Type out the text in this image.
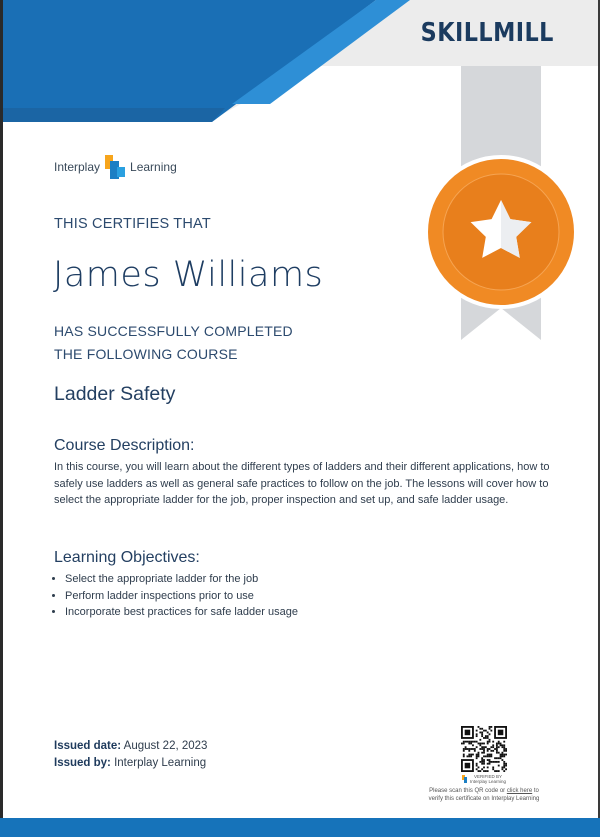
SKILLMILL
Interplay	Learning
THIS CERTIFIES THAT
James Williams
HAS SUCCESSFULLY COMPLETED
THE FOLLOWING COURSE
Ladder Safety
Course Description:

In this course, you will learn about the different types of ladders and their different applications, how to safely use ladders as well as general safe practices to follow on the job. The lessons will cover how to select the appropriate ladder for the job, proper inspection and set up, and safe ladder usage.

Learning Objectives:
• Select the appropriate ladder for the job
• Perform ladder inspections prior to use
• Incorporate best practices for safe ladder usage
Issued date: August 22, 2023
Issued by: Interplay Learning
VERIFIED BY
Interplay Learning
Please scan this QR code or click here to
verify this certificate on Interplay Learning
